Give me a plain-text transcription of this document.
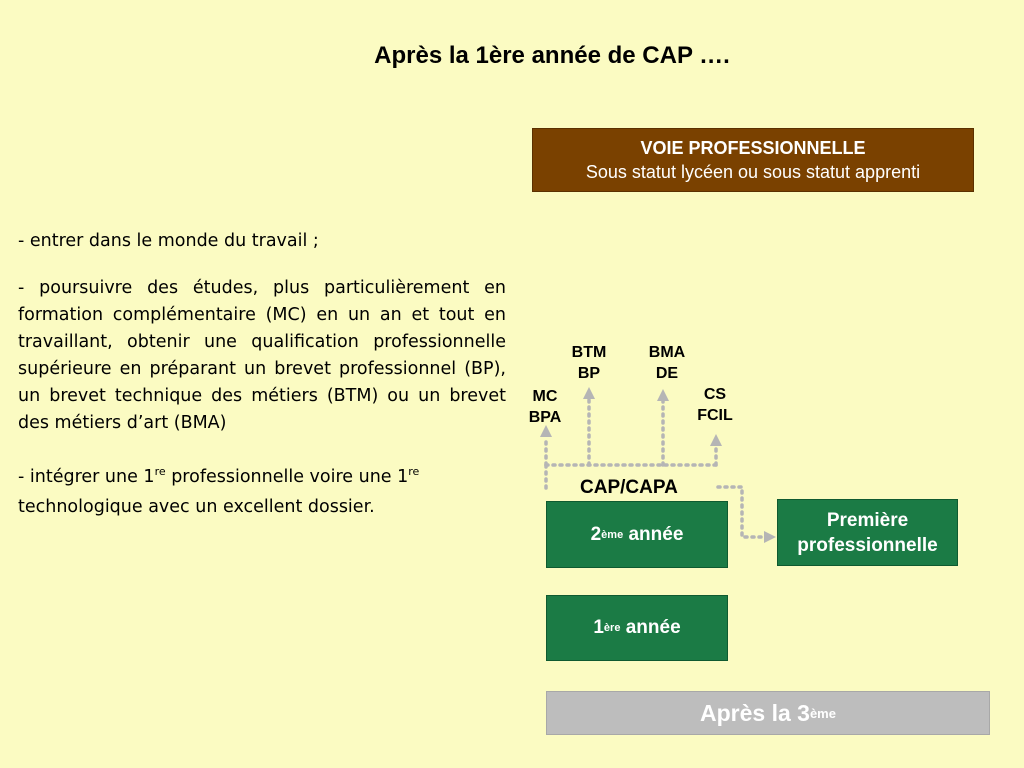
Après la 1ère année de CAP ….
VOIE PROFESSIONNELLE
Sous statut lycéen ou sous statut apprenti

- entrer dans le monde du travail ;

- poursuivre des études, plus particulièrement en formation complémentaire (MC) en un an et tout en travaillant, obtenir une qualification professionnelle supérieure en préparant un brevet professionnel (BP), un brevet technique des métiers (BTM) ou un brevet des métiers d’art (BMA)

- intégrer une 1re professionnelle voire une 1re technologique avec un excellent dossier.

MC
BPA
BTM
BP
BMA
DE
CS
FCIL
CAP/CAPA
2 ème année
1 ère année
Première
professionnelle
Après la 3 ème
